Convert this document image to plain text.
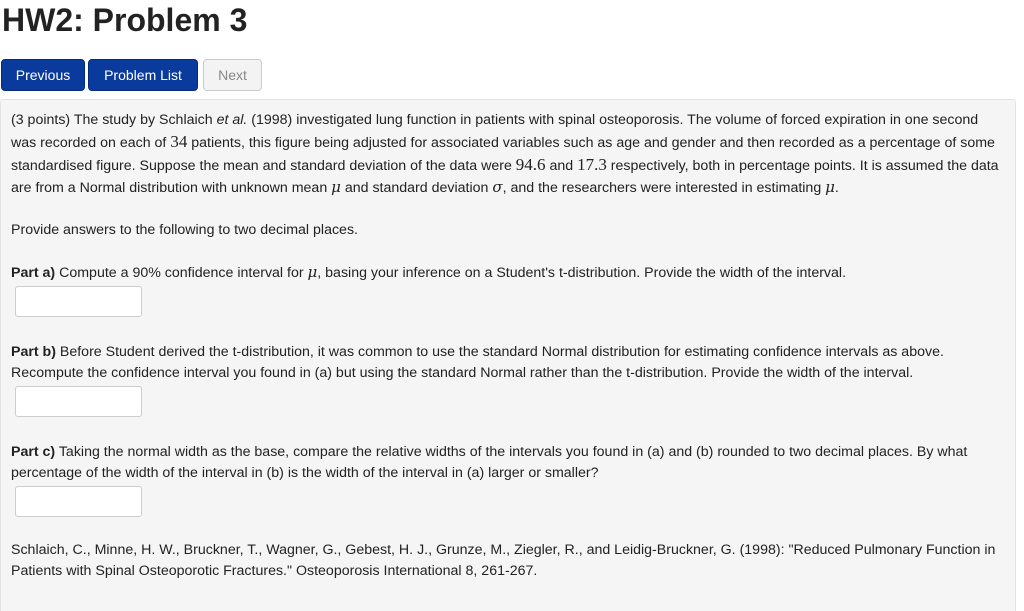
HW2: Problem 3
Previous	Problem List	Next

(3 points) The study by Schlaich et al. (1998) investigated lung function in patients with spinal osteoporosis. The volume of forced expiration in one second was recorded on each of 34 patients, this figure being adjusted for associated variables such as age and gender and then recorded as a percentage of some standardised figure. Suppose the mean and standard deviation of the data were 94.6 and 17.3 respectively, both in percentage points. It is assumed the data are from a Normal distribution with unknown mean μ and standard deviation σ, and the researchers were interested in estimating μ.

Provide answers to the following to two decimal places.

Part a) Compute a 90% confidence interval for μ, basing your inference on a Student's t-distribution. Provide the width of the interval.

Part b) Before Student derived the t-distribution, it was common to use the standard Normal distribution for estimating confidence intervals as above. Recompute the confidence interval you found in (a) but using the standard Normal rather than the t-distribution. Provide the width of the interval.

Part c) Taking the normal width as the base, compare the relative widths of the intervals you found in (a) and (b) rounded to two decimal places. By what percentage of the width of the interval in (b) is the width of the interval in (a) larger or smaller?

Schlaich, C., Minne, H. W., Bruckner, T., Wagner, G., Gebest, H. J., Grunze, M., Ziegler, R., and Leidig-Bruckner, G. (1998): "Reduced Pulmonary Function in Patients with Spinal Osteoporotic Fractures." Osteoporosis International 8, 261-267.
